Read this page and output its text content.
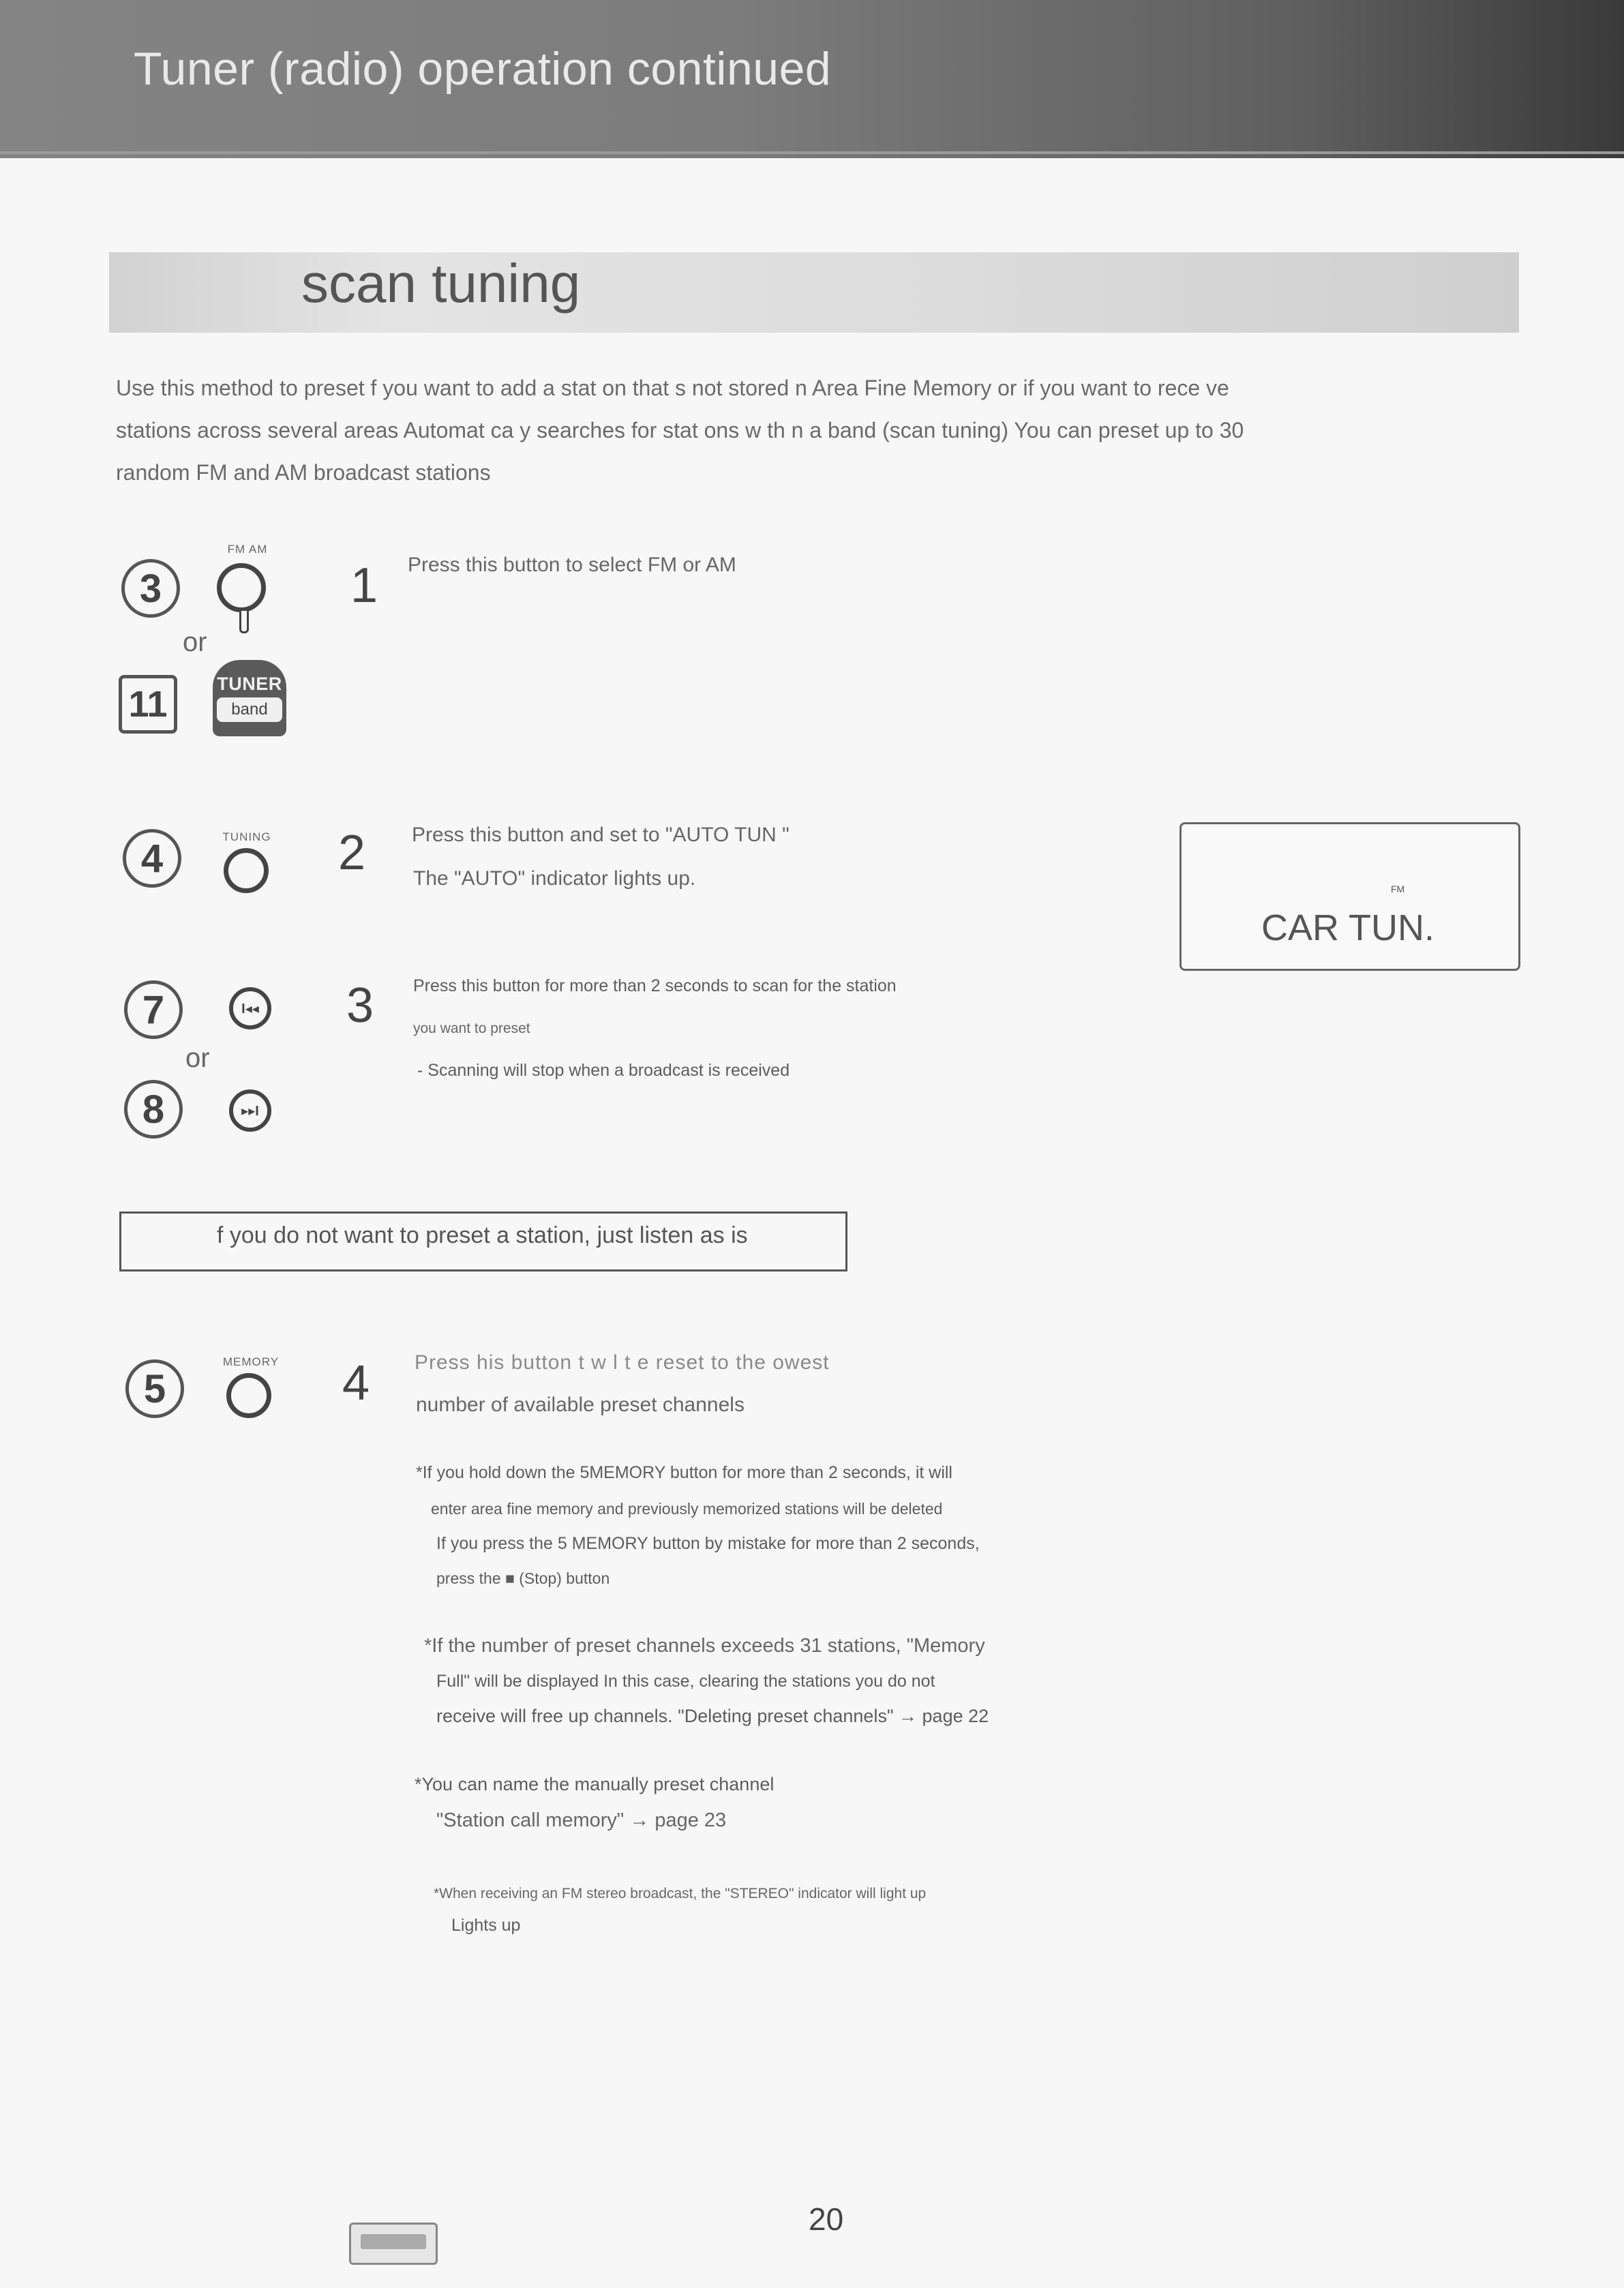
Tuner (radio) operation continued
scan tuning
Use this method to preset f you want to add a stat on that s not stored n Area Fine Memory or if you want to rece ve
stations across several areas Automat ca y searches for stat ons w th n a band (scan tuning) You can preset up to 30
random FM and AM broadcast stations
3
FM AM
or
11	TUNER
band
1 Press this button to select FM or AM
4	TUNING	2 Press this button and set to "AUTO TUN "
The "AUTO" indicator lights up.	FM
CAR TUN.
7	I◂◂
or
8	▸▸I
3 Press this button for more than 2 seconds to scan for the station
you want to preset
- Scanning will stop when a broadcast is received
f you do not want to preset a station, just listen as is
5
MEMORY	4 Press his button t w l t e reset to the owest
number of available preset channels
*If you hold down the 5MEMORY button for more than 2 seconds, it will
enter area fine memory and previously memorized stations will be deleted
If you press the 5 MEMORY button by mistake for more than 2 seconds,
press the ■ (Stop) button
*If the number of preset channels exceeds 31 stations, "Memory
Full" will be displayed In this case, clearing the stations you do not
receive will free up channels. "Deleting preset channels" → page 22
*You can name the manually preset channel
"Station call memory" → page 23
*When receiving an FM stereo broadcast, the "STEREO" indicator will light up
Lights up
20
